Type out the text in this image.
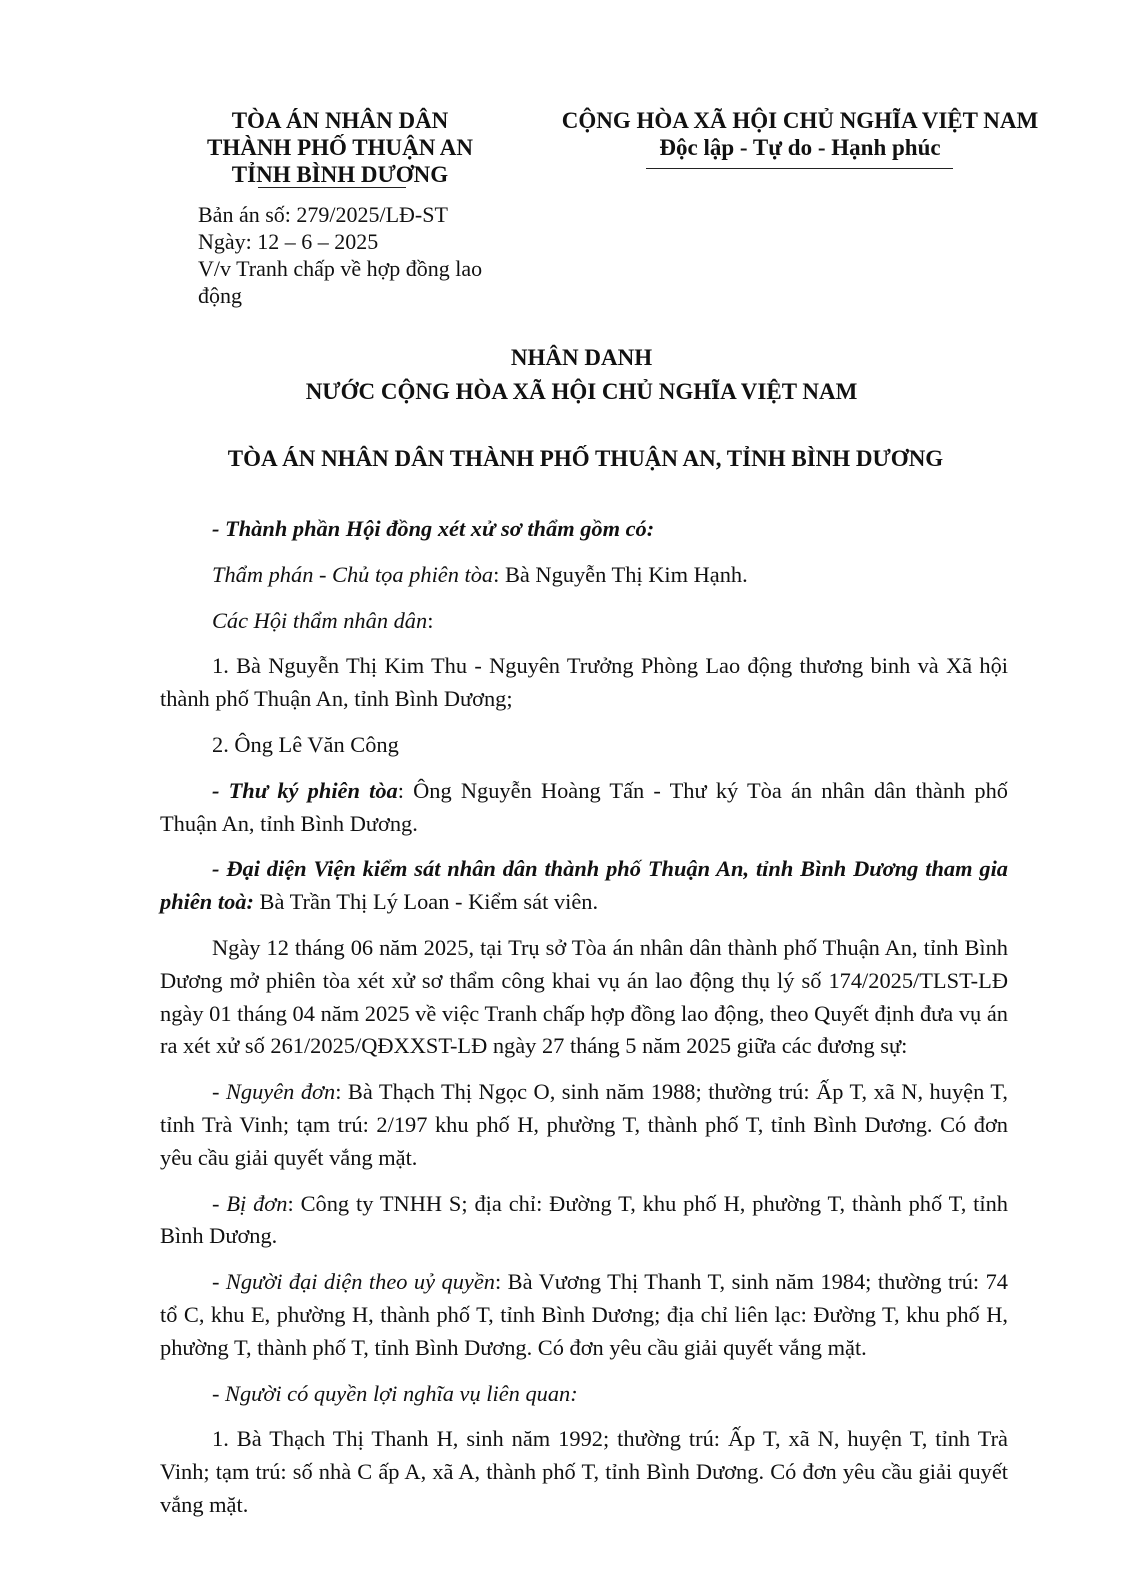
TÒA ÁN NHÂN DÂN
THÀNH PHỐ THUẬN AN
TỈNH BÌNH DƯƠNG
CỘNG HÒA XÃ HỘI CHỦ NGHĨA VIỆT NAM
Độc lập - Tự do - Hạnh phúc
Bản án số: 279/2025/LĐ-ST
Ngày: 12 – 6 – 2025
V/v Tranh chấp về hợp đồng lao
động
NHÂN DANH
NƯỚC CỘNG HÒA XÃ HỘI CHỦ NGHĨA VIỆT NAM
TÒA ÁN NHÂN DÂN THÀNH PHỐ THUẬN AN, TỈNH BÌNH DƯƠNG

- Thành phần Hội đồng xét xử sơ thẩm gồm có:

Thẩm phán - Chủ tọa phiên tòa: Bà Nguyễn Thị Kim Hạnh.

Các Hội thẩm nhân dân:

1. Bà Nguyễn Thị Kim Thu - Nguyên Trưởng Phòng Lao động thương binh và Xã hội thành phố Thuận An, tỉnh Bình Dương;

2. Ông Lê Văn Công

- Thư ký phiên tòa: Ông Nguyễn Hoàng Tấn - Thư ký Tòa án nhân dân thành phố Thuận An, tỉnh Bình Dương.

- Đại diện Viện kiểm sát nhân dân thành phố Thuận An, tỉnh Bình Dương tham gia phiên toà: Bà Trần Thị Lý Loan - Kiểm sát viên.

Ngày 12 tháng 06 năm 2025, tại Trụ sở Tòa án nhân dân thành phố Thuận An, tỉnh Bình Dương mở phiên tòa xét xử sơ thẩm công khai vụ án lao động thụ lý số 174/2025/TLST-LĐ ngày 01 tháng 04 năm 2025 về việc Tranh chấp hợp đồng lao động, theo Quyết định đưa vụ án ra xét xử số 261/2025/QĐXXST-LĐ ngày 27 tháng 5 năm 2025 giữa các đương sự:

- Nguyên đơn: Bà Thạch Thị Ngọc O, sinh năm 1988; thường trú: Ấp T, xã N, huyện T, tỉnh Trà Vinh; tạm trú: 2/197 khu phố H, phường T, thành phố T, tỉnh Bình Dương. Có đơn yêu cầu giải quyết vắng mặt.

- Bị đơn: Công ty TNHH S; địa chỉ: Đường T, khu phố H, phường T, thành phố T, tỉnh Bình Dương.

- Người đại diện theo uỷ quyền: Bà Vương Thị Thanh T, sinh năm 1984; thường trú: 74 tổ C, khu E, phường H, thành phố T, tỉnh Bình Dương; địa chỉ liên lạc: Đường T, khu phố H, phường T, thành phố T, tỉnh Bình Dương. Có đơn yêu cầu giải quyết vắng mặt.

- Người có quyền lợi nghĩa vụ liên quan:

1. Bà Thạch Thị Thanh H, sinh năm 1992; thường trú: Ấp T, xã N, huyện T, tỉnh Trà Vinh; tạm trú: số nhà C ấp A, xã A, thành phố T, tỉnh Bình Dương. Có đơn yêu cầu giải quyết vắng mặt.
